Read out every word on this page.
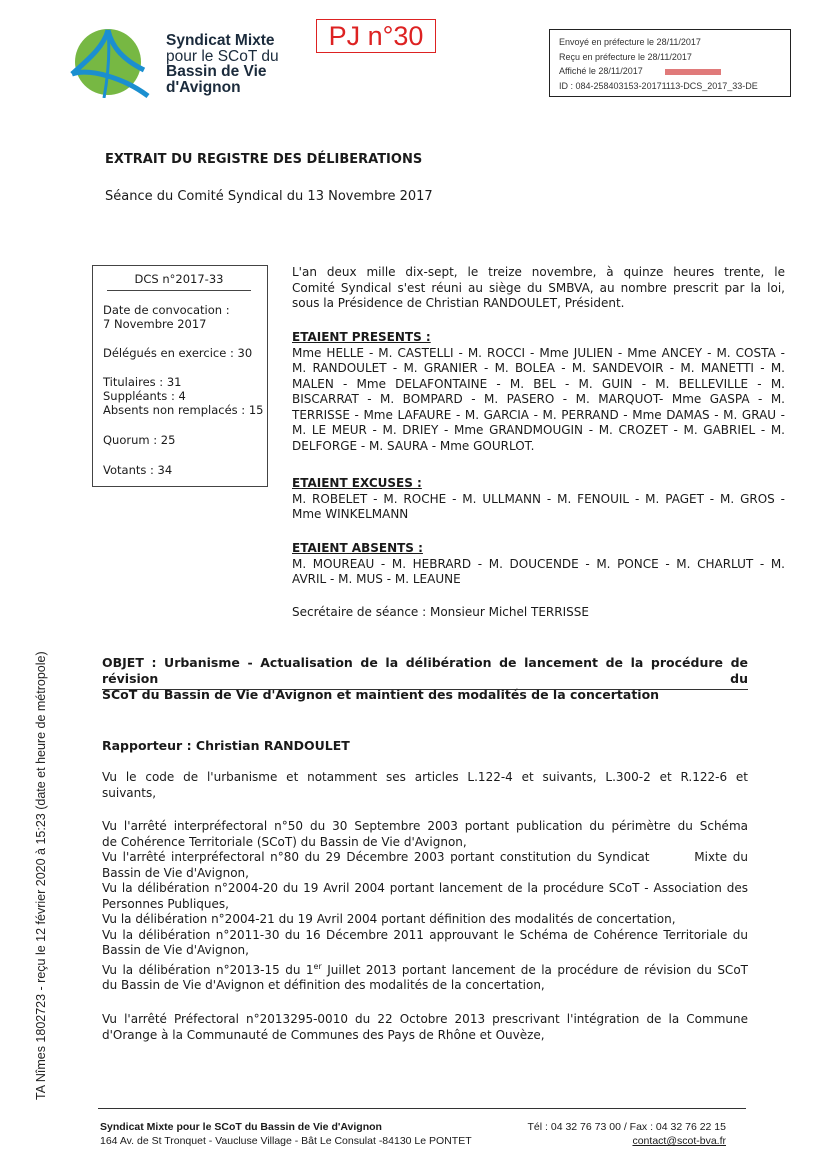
Syndicat Mixte
pour le SCoT du
Bassin de Vie
d'Avignon
PJ n°30	Envoyé en préfecture le 28/11/2017
Reçu en préfecture le 28/11/2017
Affiché le 28/11/2017
ID : 084-258403153-20171113-DCS_2017_33-DE
EXTRAIT DU REGISTRE DES DÉLIBERATIONS
Séance du Comité Syndical du 13 Novembre 2017
DCS n°2017-33
Date de convocation :
7 Novembre 2017
Délégués en exercice : 30
Titulaires : 31
Suppléants : 4
Absents non remplacés : 15
Quorum : 25
Votants : 34
L'an deux mille dix-sept, le treize novembre, à quinze heures trente, le
Comité Syndical s'est réuni au siège du SMBVA, au nombre prescrit par la loi,
sous la Présidence de Christian RANDOULET, Président.
ETAIENT PRESENTS :
Mme HELLE - M. CASTELLI - M. ROCCI - Mme JULIEN - Mme ANCEY - M. COSTA -
M. RANDOULET - M. GRANIER - M. BOLEA - M. SANDEVOIR - M. MANETTI - M.
MALEN - Mme DELAFONTAINE - M. BEL - M. GUIN - M. BELLEVILLE - M.
BISCARRAT - M. BOMPARD - M. PASERO - M. MARQUOT- Mme GASPA - M.
TERRISSE - Mme LAFAURE - M. GARCIA - M. PERRAND - Mme DAMAS - M. GRAU -
M. LE MEUR - M. DRIEY - Mme GRANDMOUGIN - M. CROZET - M. GABRIEL - M.
DELFORGE - M. SAURA - Mme GOURLOT.
ETAIENT EXCUSES :
M. ROBELET - M. ROCHE - M. ULLMANN - M. FENOUIL - M. PAGET - M. GROS -
Mme WINKELMANN
ETAIENT ABSENTS :
M. MOUREAU - M. HEBRARD - M. DOUCENDE - M. PONCE - M. CHARLUT - M.
AVRIL - M. MUS - M. LEAUNE
Secrétaire de séance : Monsieur Michel TERRISSE
OBJET : Urbanisme - Actualisation de la délibération de lancement de la procédure de révision du
SCoT du Bassin de Vie d'Avignon et maintient des modalités de la concertation
Rapporteur : Christian RANDOULET
Vu le code de l'urbanisme et notamment ses articles L.122-4 et suivants, L.300-2 et R.122-6 et
suivants,
Vu l'arrêté interpréfectoral n°50 du 30 Septembre 2003 portant publication du périmètre du Schéma
de Cohérence Territoriale (SCoT) du Bassin de Vie d'Avignon,
Vu l'arrêté interpréfectoral n°80 du 29 Décembre 2003 portant constitution du Syndicat        Mixte du
Bassin de Vie d'Avignon,
Vu la délibération n°2004-20 du 19 Avril 2004 portant lancement de la procédure SCoT - Association des
Personnes Publiques,
Vu la délibération n°2004-21 du 19 Avril 2004 portant définition des modalités de concertation,
Vu la délibération n°2011-30 du 16 Décembre 2011 approuvant le Schéma de Cohérence Territoriale du
Bassin de Vie d'Avignon,
Vu la délibération n°2013-15 du 1er Juillet 2013 portant lancement de la procédure de révision du SCoT
du Bassin de Vie d'Avignon et définition des modalités de la concertation,
Vu l'arrêté Préfectoral n°2013295-0010 du 22 Octobre 2013 prescrivant l'intégration de la Commune
d'Orange à la Communauté de Communes des Pays de Rhône et Ouvèze,
Syndicat Mixte pour le SCoT du Bassin de Vie d'Avignon
164 Av. de St Tronquet - Vaucluse Village - Bât Le Consulat -84130 Le PONTET
Tél : 04 32 76 73 00 / Fax : 04 32 76 22 15
contact@scot-bva.fr
TA Nîmes 1802723 - reçu le 12 février 2020 à 15:23 (date et heure de métropole)
